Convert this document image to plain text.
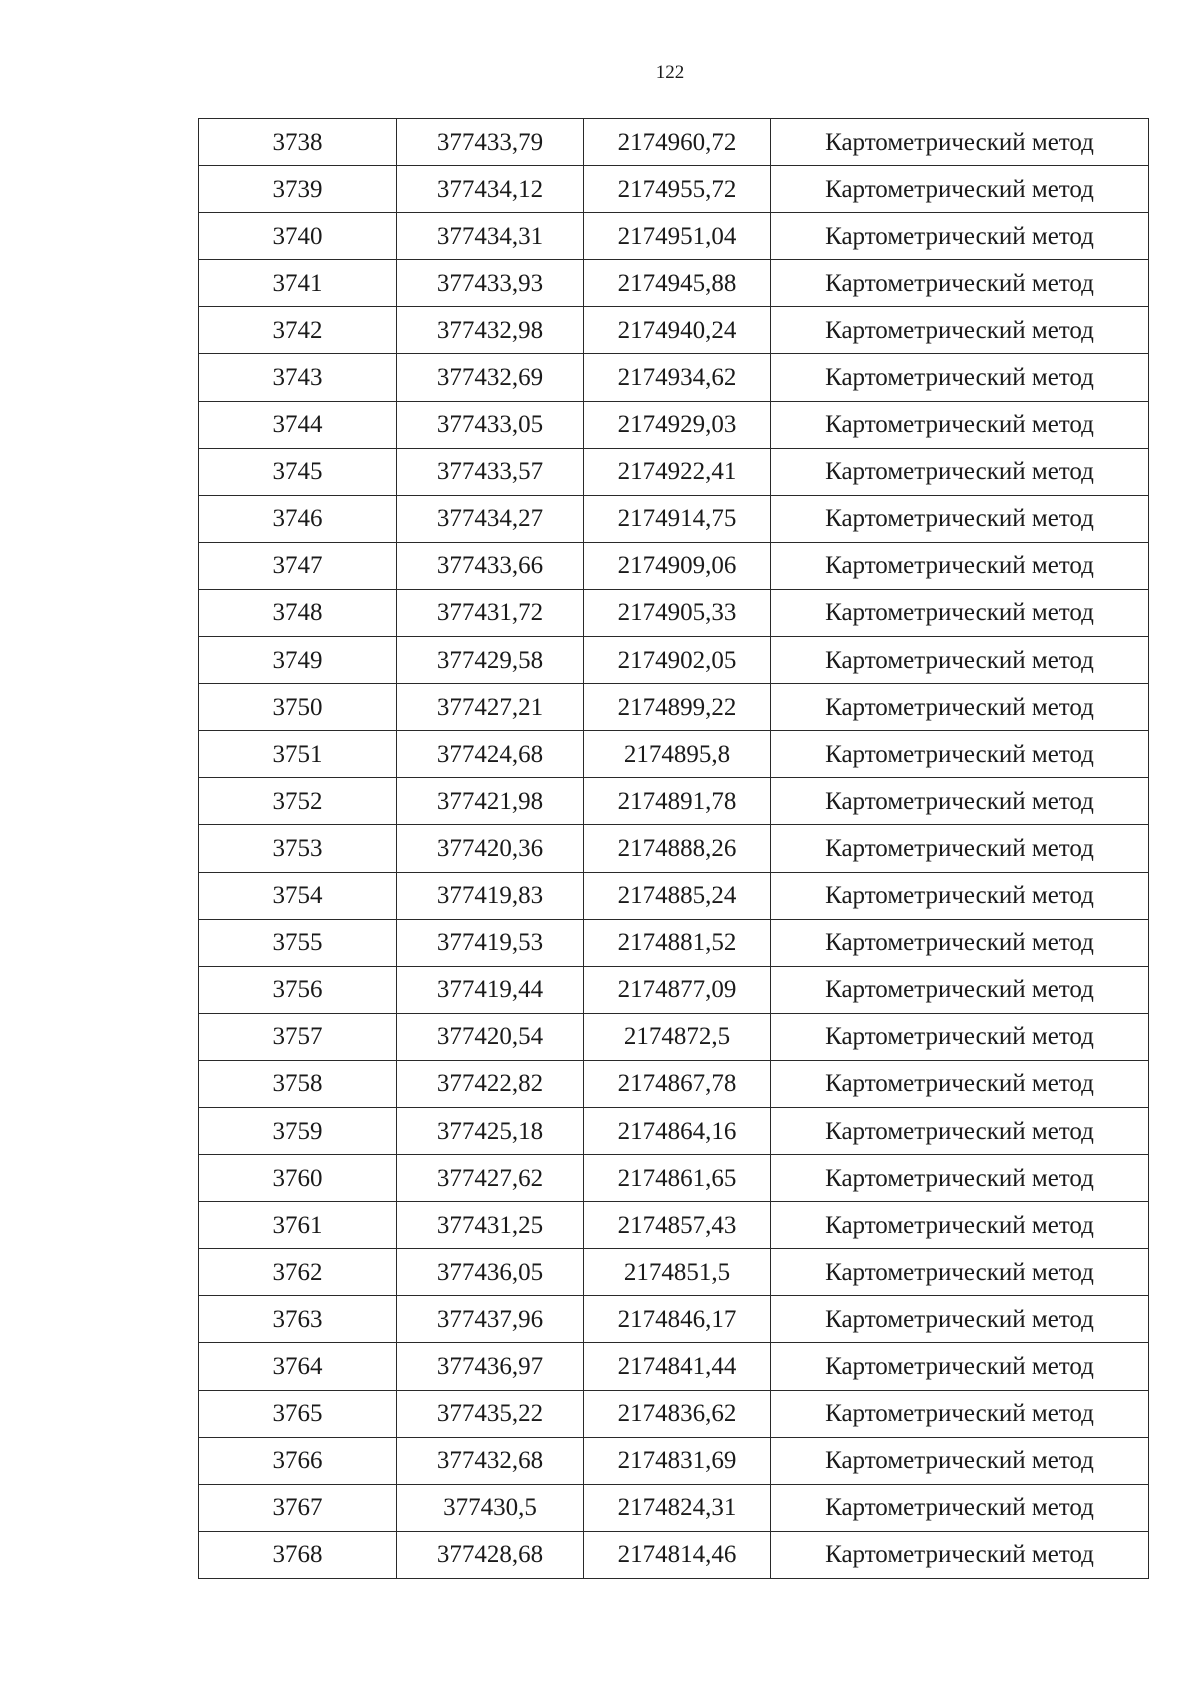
122
3738	377433,79	2174960,72	Картометрический метод
3739	377434,12	2174955,72	Картометрический метод
3740	377434,31	2174951,04	Картометрический метод
3741	377433,93	2174945,88	Картометрический метод
3742	377432,98	2174940,24	Картометрический метод
3743	377432,69	2174934,62	Картометрический метод
3744	377433,05	2174929,03	Картометрический метод
3745	377433,57	2174922,41	Картометрический метод
3746	377434,27	2174914,75	Картометрический метод
3747	377433,66	2174909,06	Картометрический метод
3748	377431,72	2174905,33	Картометрический метод
3749	377429,58	2174902,05	Картометрический метод
3750	377427,21	2174899,22	Картометрический метод
3751	377424,68	2174895,8	Картометрический метод
3752	377421,98	2174891,78	Картометрический метод
3753	377420,36	2174888,26	Картометрический метод
3754	377419,83	2174885,24	Картометрический метод
3755	377419,53	2174881,52	Картометрический метод
3756	377419,44	2174877,09	Картометрический метод
3757	377420,54	2174872,5	Картометрический метод
3758	377422,82	2174867,78	Картометрический метод
3759	377425,18	2174864,16	Картометрический метод
3760	377427,62	2174861,65	Картометрический метод
3761	377431,25	2174857,43	Картометрический метод
3762	377436,05	2174851,5	Картометрический метод
3763	377437,96	2174846,17	Картометрический метод
3764	377436,97	2174841,44	Картометрический метод
3765	377435,22	2174836,62	Картометрический метод
3766	377432,68	2174831,69	Картометрический метод
3767	377430,5	2174824,31	Картометрический метод
3768	377428,68	2174814,46	Картометрический метод
